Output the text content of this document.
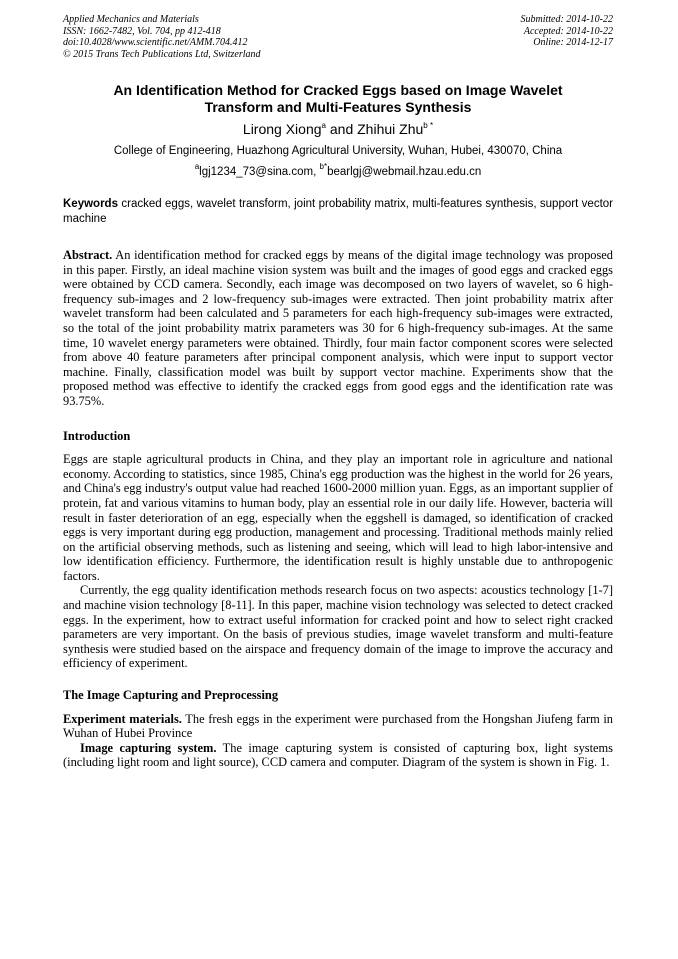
Applied Mechanics and Materials
ISSN: 1662-7482, Vol. 704, pp 412-418
doi:10.4028/www.scientific.net/AMM.704.412
© 2015 Trans Tech Publications Ltd, Switzerland
Submitted: 2014-10-22
Accepted: 2014-10-22
Online: 2014-12-17
An Identification Method for Cracked Eggs based on Image Wavelet
Transform and Multi-Features Synthesis
Lirong Xiong$^a$ and Zhihui Zhu$^{b *}$
College of Engineering, Huazhong Agricultural University, Wuhan, Hubei, 430070, China
$^a$lgj1234_73@sina.com, $^{b*}$bearlgj@webmail.hzau.edu.cn

Keywords cracked eggs, wavelet transform, joint probability matrix, multi-features synthesis, support vector machine

Abstract. An identification method for cracked eggs by means of the digital image technology was proposed in this paper. Firstly, an ideal machine vision system was built and the images of good eggs and cracked eggs were obtained by CCD camera. Secondly, each image was decomposed on two layers of wavelet, so 6 high-frequency sub-images and 2 low-frequency sub-images were extracted. Then joint probability matrix after wavelet transform had been calculated and 5 parameters for each high-frequency sub-images were extracted, so the total of the joint probability matrix parameters was 30 for 6 high-frequency sub-images. At the same time, 10 wavelet energy parameters were obtained. Thirdly, four main factor component scores were selected from above 40 feature parameters after principal component analysis, which were input to support vector machine. Finally, classification model was built by support vector machine. Experiments show that the proposed method was effective to identify the cracked eggs from good eggs and the identification rate was 93.75%.

Introduction

Eggs are staple agricultural products in China, and they play an important role in agriculture and national economy. According to statistics, since 1985, China's egg production was the highest in the world for 26 years, and China's egg industry's output value had reached 1600-2000 million yuan. Eggs, as an important supplier of protein, fat and various vitamins to human body, play an essential role in our daily life. However, bacteria will result in faster deterioration of an egg, especially when the eggshell is damaged, so identification of cracked eggs is very important during egg production, management and processing. Traditional methods mainly relied on the artificial observing methods, such as listening and seeing, which will lead to high labor-intensive and low identification efficiency. Furthermore, the identification result is highly unstable due to anthropogenic factors.

Currently, the egg quality identification methods research focus on two aspects: acoustics technology [1-7] and machine vision technology [8-11]. In this paper, machine vision technology was selected to detect cracked eggs. In the experiment, how to extract useful information for cracked point and how to select right cracked parameters are very important. On the basis of previous studies, image wavelet transform and multi-feature synthesis were studied based on the airspace and frequency domain of the image to improve the accuracy and efficiency of experiment.

The Image Capturing and Preprocessing

Experiment materials. The fresh eggs in the experiment were purchased from the Hongshan Jiufeng farm in Wuhan of Hubei Province

Image capturing system. The image capturing system is consisted of capturing box, light systems (including light room and light source), CCD camera and computer. Diagram of the system is shown in Fig. 1.
